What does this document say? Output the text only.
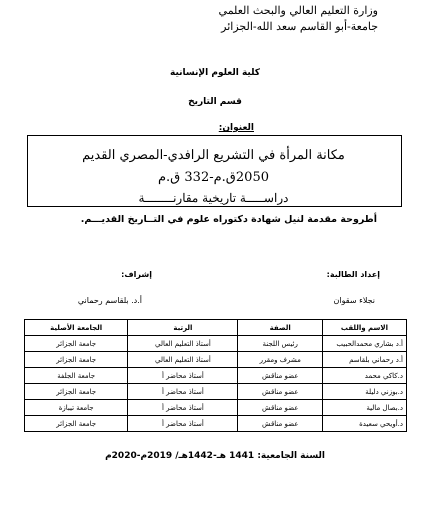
وزارة التعليم العالي والبحث العلمي
جامعة-أبو القاسم سعد الله-الجزائر
كلية العلوم الإنسانية
قسم التاريخ
العنوان:
مكانة المرأة في التشريع الرافدي-المصري القديم
2050ق.م-332 ق.م
دراســـــة تاريخية مقارنــــــــة
أطروحة مقدمة لنيل شهادة دكتوراه علوم في التــاريخ القديـــم.
إعداد الطالبة:
إشراف:
نجلاء سقوان
أ.د. بلقاسم رحماني
الاسم واللقب	الصفة	الرتبة	الجامعة الأصلية
أ.د بشاري محمدالحبيب	رئيس اللجنة	أستاذ التعليم العالي	جامعة الجزائر
أ.د رحماني بلقاسم	مشرف ومقرر	أستاذ التعليم العالي	جامعة الجزائر
د.كاكي محمد	عضو مناقش	أستاذ محاضر أ	جامعة الجلفة
د.بوزني دليلة	عضو مناقش	أستاذ محاضر أ	جامعة الجزائر
د.بصال مالية	عضو مناقش	أستاذ محاضر أ	جامعة تيبازة
د.أويحي سعيدة	عضو مناقش	أستاذ محاضر أ	جامعة الجزائر
السنة الجامعية: 1441 هـ-1442هـ/ 2019م-2020م
